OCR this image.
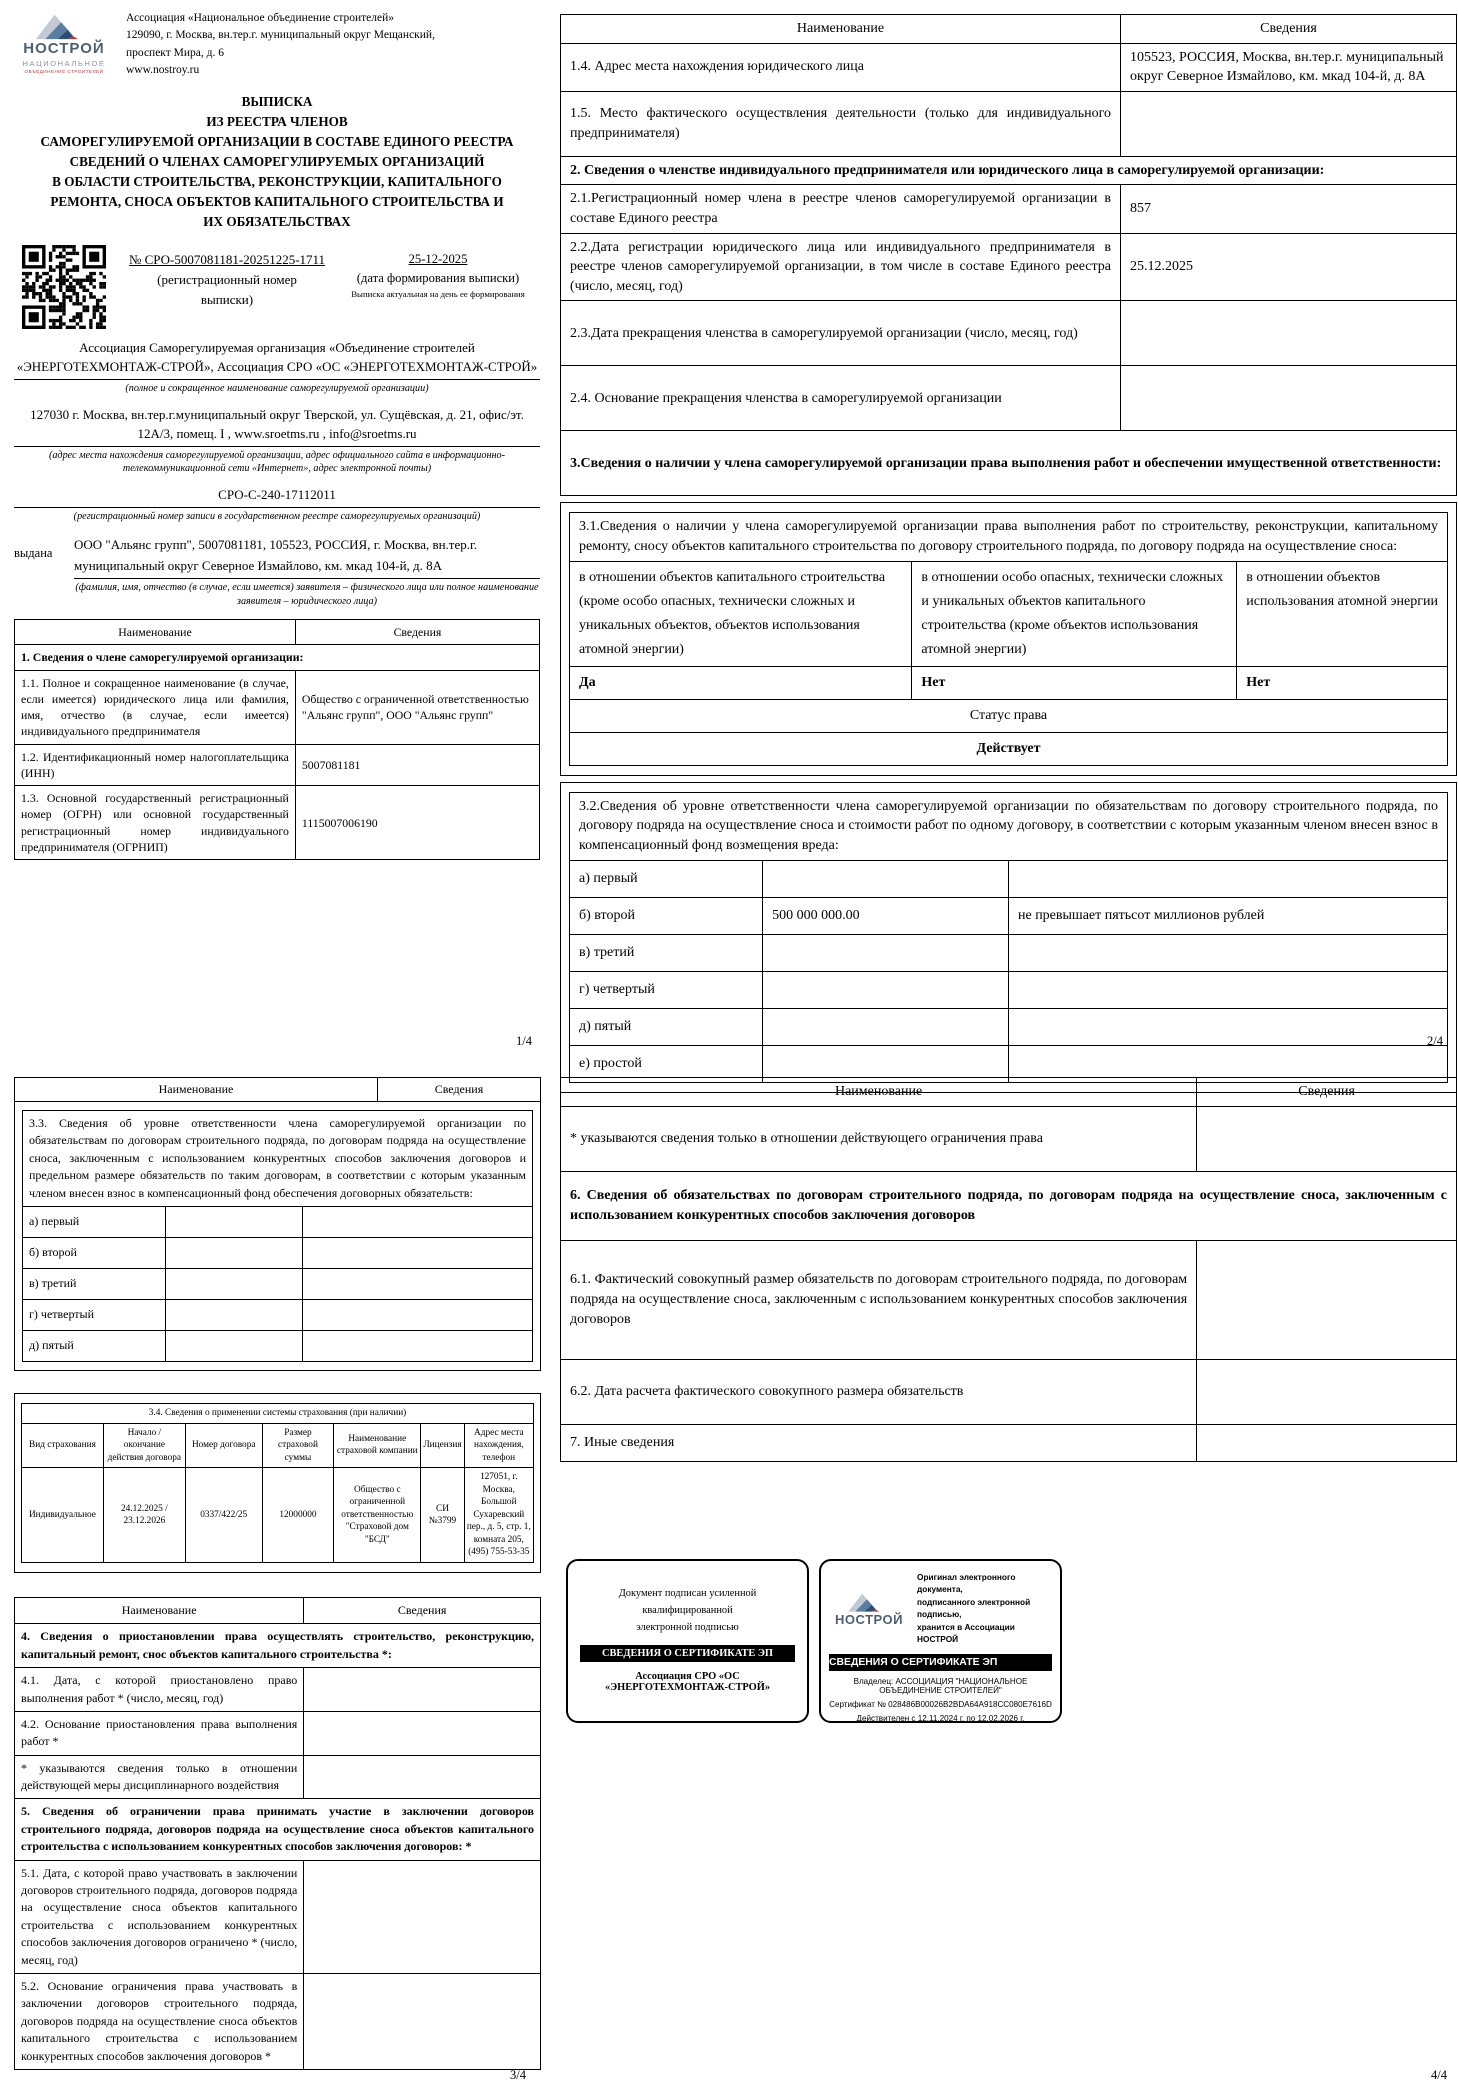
НОСТРОЙ
НАЦИОНАЛЬНОЕ
ОБЪЕДИНЕНИЕ СТРОИТЕЛЕЙ
Ассоциация «Национальное объединение строителей»
129090, г. Москва, вн.тер.г. муниципальный округ Мещанский,
проспект Мира, д. 6
www.nostroy.ru
ВЫПИСКА
ИЗ РЕЕСТРА ЧЛЕНОВ
САМОРЕГУЛИРУЕМОЙ ОРГАНИЗАЦИИ В СОСТАВЕ ЕДИНОГО РЕЕСТРА
СВЕДЕНИЙ О ЧЛЕНАХ САМОРЕГУЛИРУЕМЫХ ОРГАНИЗАЦИЙ
В ОБЛАСТИ СТРОИТЕЛЬСТВА, РЕКОНСТРУКЦИИ, КАПИТАЛЬНОГО
РЕМОНТА, СНОСА ОБЪЕКТОВ КАПИТАЛЬНОГО СТРОИТЕЛЬСТВА И
ИХ ОБЯЗАТЕЛЬСТВАХ
№ СРО-5007081181-20251225-1711
(регистрационный номер
выписки)
25-12-2025
(дата формирования выписки)
Выписка актуальная на день ее формирования
Ассоциация Саморегулируемая организация «Объединение строителей «ЭНЕРГОТЕХМОНТАЖ-СТРОЙ», Ассоциация СРО «ОС «ЭНЕРГОТЕХМОНТАЖ-СТРОЙ»
(полное и сокращенное наименование саморегулируемой организации)
127030 г. Москва, вн.тер.г.муниципальный округ Тверской, ул. Сущёвская, д. 21, офис/эт. 12А/3, помещ. I , www.sroetms.ru , info@sroetms.ru
(адрес места нахождения саморегулируемой организации, адрес официального сайта в информационно-телекоммуникационной сети «Интернет», адрес электронной почты)
СРО-С-240-17112011
(регистрационный номер записи в государственном реестре саморегулируемых организаций)
выдана
ООО "Альянс групп", 5007081181, 105523, РОССИЯ, г. Москва, вн.тер.г. муниципальный округ Северное Измайлово, км. мкад 104-й, д. 8А
(фамилия, имя, отчество (в случае, если имеется) заявителя – физического лица или полное наименование заявителя – юридического лица)
Наименование	Сведения
1. Сведения о члене саморегулируемой организации:	
1.1. Полное и сокращенное наименование (в случае, если имеется) юридического лица или фамилия, имя, отчество (в случае, если имеется) индивидуального предпринимателя	Общество с ограниченной ответственностью "Альянс групп", ООО "Альянс групп"
1.2. Идентификационный номер налогоплательщика (ИНН)	5007081181
1.3. Основной государственный регистрационный номер (ОГРН) или основной государственный регистрационный номер индивидуального предпринимателя (ОГРНИП)	1115007006190
Наименование	Сведения
1.4. Адрес места нахождения юридического лица	105523, РОССИЯ, Москва, вн.тер.г. муниципальный округ Северное Измайлово, км. мкад 104-й, д. 8А
1.5. Место фактического осуществления деятельности (только для индивидуального предпринимателя)	
2. Сведения о членстве индивидуального предпринимателя или юридического лица в саморегулируемой организации:	
2.1.Регистрационный номер члена в реестре членов саморегулируемой организации в составе Единого реестра	857
2.2.Дата регистрации юридического лица или индивидуального предпринимателя в реестре членов саморегулируемой организации, в том числе в составе Единого реестра (число, месяц, год)	25.12.2025
2.3.Дата прекращения членства в саморегулируемой организации (число, месяц, год)	
2.4. Основание прекращения членства в саморегулируемой организации	
3.Сведения о наличии у члена саморегулируемой организации права выполнения работ и обеспечении имущественной ответственности:	
3.1.Сведения о наличии у члена саморегулируемой организации права выполнения работ по строительству, реконструкции, капитальному ремонту, сносу объектов капитального строительства по договору строительного подряда, по договору подряда на осуществление сноса:		
в отношении объектов капитального строительства (кроме особо опасных, технически сложных и уникальных объектов, объектов использования атомной энергии)	в отношении особо опасных, технически сложных и уникальных объектов капитального строительства (кроме объектов использования атомной энергии)	в отношении объектов использования атомной энергии
Да	Нет	Нет
Статус права		
Действует		
3.2.Сведения об уровне ответственности члена саморегулируемой организации по обязательствам по договору строительного подряда, по договору подряда на осуществление сноса и стоимости работ по одному договору, в соответствии с которым указанным членом внесен взнос в компенсационный фонд возмещения вреда:		
а) первый		
б) второй	500 000 000.00	не превышает пятьсот миллионов рублей
в) третий		
г) четвертый		
д) пятый		
е) простой		
Наименование	Сведения

3.3. Сведения об уровне ответственности члена саморегулируемой организации по обязательствам по договорам строительного подряда, по договорам подряда на осуществление сноса, заключенным с использованием конкурентных способов заключения договоров и предельном размере обязательств по таким договорам, в соответствии с которым указанным членом внесен взнос в компенсационный фонд обеспечения договорных обязательств:
а) первый		
б) второй		
в) третий		
г) четвертый		
д) пятый		
3.4. Сведения о применении системы страхования (при наличии)						
Вид страхования	Начало / окончание действия договора	Номер договора	Размер страховой суммы	Наименование страховой компании	Лицензия	Адрес места нахождения, телефон
Индивидуальное	24.12.2025 / 23.12.2026	0337/422/25	12000000	Общество с ограниченной ответственностью "Страховой дом "БСД"	СИ №3799	127051, г. Москва, Большой Сухаревский пер., д. 5, стр. 1, комната 205, (495) 755-53-35
Наименование	Сведения
4. Сведения о приостановлении права осуществлять строительство, реконструкцию, капитальный ремонт, снос объектов капитального строительства *:	
4.1. Дата, с которой приостановлено право выполнения работ * (число, месяц, год)	
4.2. Основание приостановления права выполнения работ *	
* указываются сведения только в отношении действующей меры дисциплинарного воздействия	
5. Сведения об ограничении права принимать участие в заключении договоров строительного подряда, договоров подряда на осуществление сноса объектов капитального строительства с использованием конкурентных способов заключения договоров: *	
5.1. Дата, с которой право участвовать в заключении договоров строительного подряда, договоров подряда на осуществление сноса объектов капитального строительства с использованием конкурентных способов заключения договоров ограничено * (число, месяц, год)	
5.2. Основание ограничения права участвовать в заключении договоров строительного подряда, договоров подряда на осуществление сноса объектов капитального строительства с использованием конкурентных способов заключения договоров *	
Наименование	Сведения
* указываются сведения только в отношении действующего ограничения права	
6. Сведения об обязательствах по договорам строительного подряда, по договорам подряда на осуществление сноса, заключенным с использованием конкурентных способов заключения договоров	
6.1. Фактический совокупный размер обязательств по договорам строительного подряда, по договорам подряда на осуществление сноса, заключенным с использованием конкурентных способов заключения договоров	
6.2. Дата расчета фактического совокупного размера обязательств	
7. Иные сведения	
Документ подписан усиленной квалифицированной
электронной подписью
СВЕДЕНИЯ О СЕРТИФИКАТЕ ЭП
Ассоциация СРО «ОС «ЭНЕРГОТЕХМОНТАЖ-СТРОЙ»
НОСТРОЙ
Оригинал электронного документа,
подписанного электронной подписью,
хранится в Ассоциации НОСТРОЙ
СВЕДЕНИЯ О СЕРТИФИКАТЕ ЭП
Владелец: АССОЦИАЦИЯ "НАЦИОНАЛЬНОЕ ОБЪЕДИНЕНИЕ СТРОИТЕЛЕЙ"
Сертификат № 028486B00026B2BDA64A918CC080E7616D
Действителен с 12.11.2024 г. по 12.02.2026 г.
1/4	2/4
3/4	4/4
